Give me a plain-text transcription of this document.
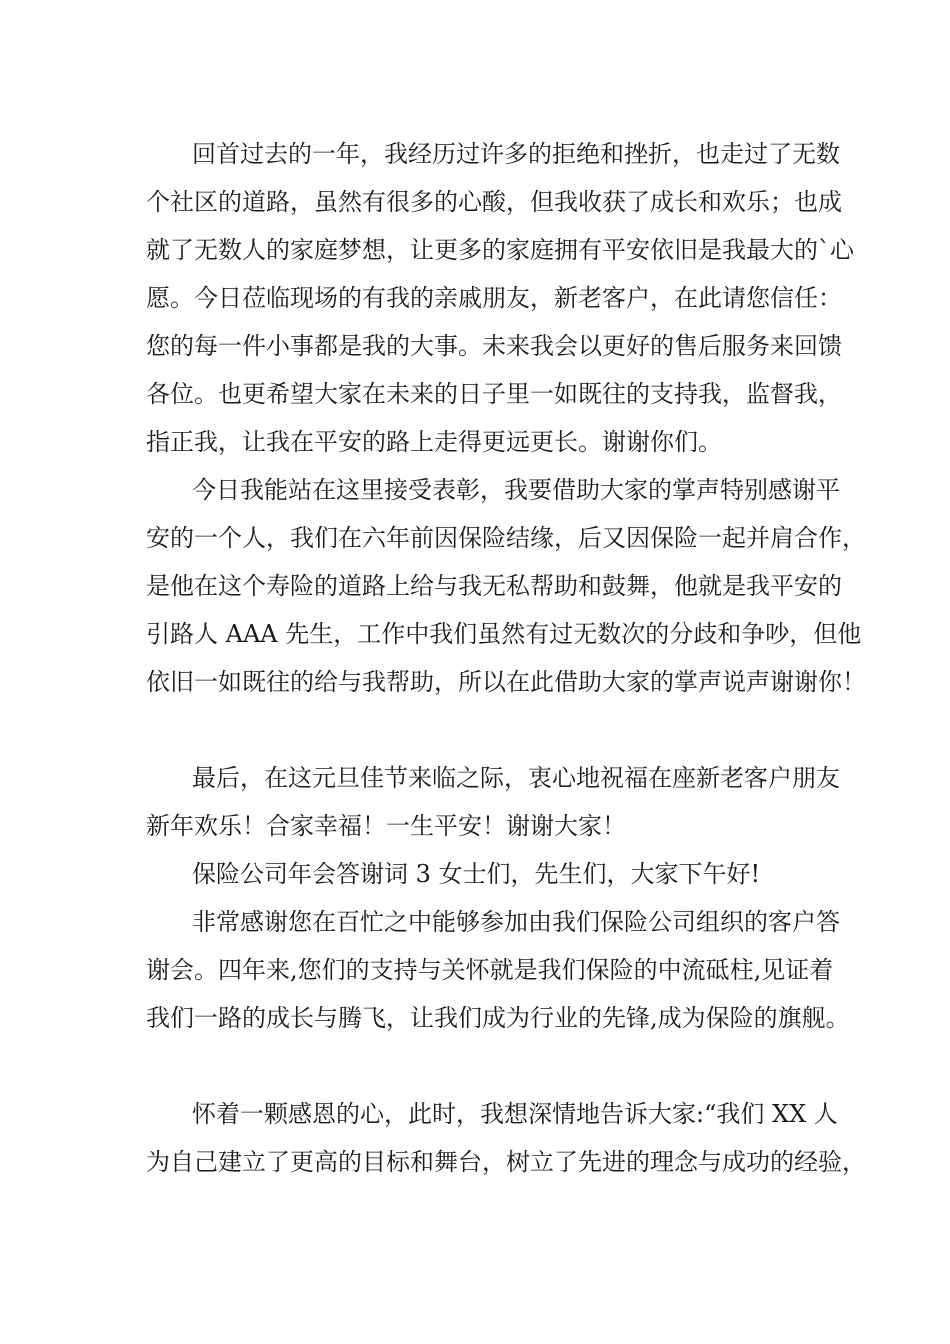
回首过去的一年，我经历过许多的拒绝和挫折，也走过了无数
个社区的道路，虽然有很多的心酸，但我收获了成长和欢乐；也成
就了无数人的家庭梦想，让更多的家庭拥有平安依旧是我最大的`心
愿。今日莅临现场的有我的亲戚朋友，新老客户，在此请您信任：
您的每一件小事都是我的大事。未来我会以更好的售后服务来回馈
各位。也更希望大家在未来的日子里一如既往的支持我，监督我，
指正我，让我在平安的路上走得更远更长。谢谢你们。
今日我能站在这里接受表彰，我要借助大家的掌声特别感谢平
安的一个人，我们在六年前因保险结缘，后又因保险一起并肩合作，
是他在这个寿险的道路上给与我无私帮助和鼓舞，他就是我平安的
引路人 AAA 先生，工作中我们虽然有过无数次的分歧和争吵，但他
依旧一如既往的给与我帮助，所以在此借助大家的掌声说声谢谢你！
最后，在这元旦佳节来临之际，衷心地祝福在座新老客户朋友
新年欢乐！合家幸福！一生平安！谢谢大家！
保险公司年会答谢词 3 女士们，先生们，大家下午好!
非常感谢您在百忙之中能够参加由我们保险公司组织的客户答
谢会。四年来,您们的支持与关怀就是我们保险的中流砥柱,见证着
我们一路的成长与腾飞，让我们成为行业的先锋,成为保险的旗舰。
怀着一颗感恩的心，此时，我想深情地告诉大家:“我们 XX 人
为自己建立了更高的目标和舞台，树立了先进的理念与成功的经验，
